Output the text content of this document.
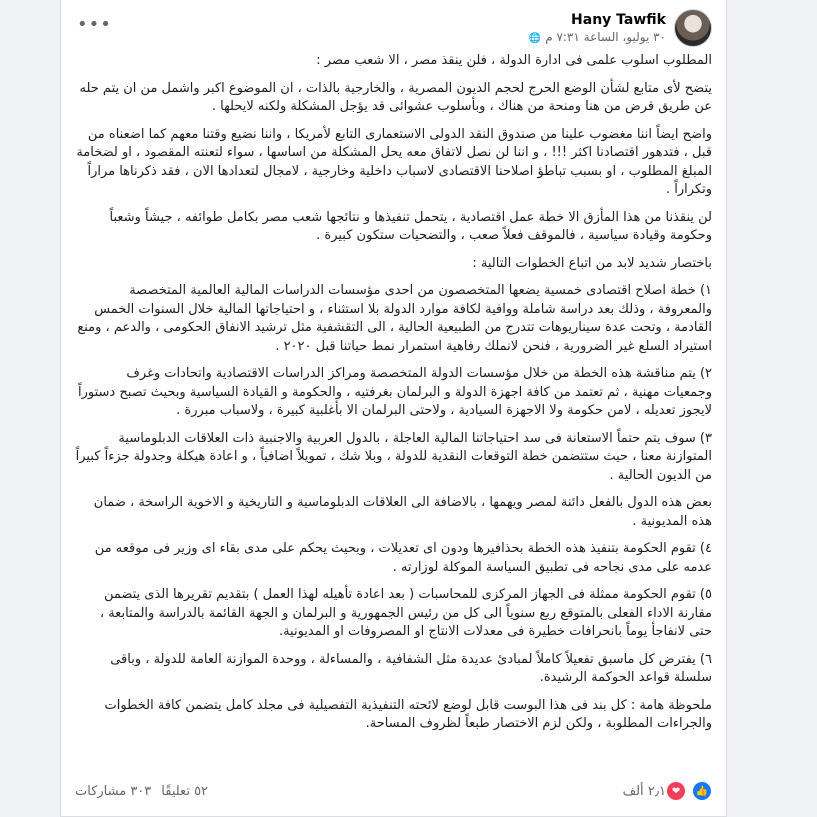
•••	Hany Tawfik
٣٠ يوليو، الساعة ٧:٣١ م 🌐

المطلوب اسلوب علمى فى ادارة الدولة ، فلن ينقذ مصر ، الا شعب مصر :

يتضح لأى متابع لشأن الوضع الحرج لحجم الديون المصرية ، والخارجية بالذات ، ان الموضوع اكبر واشمل من ان يتم حله عن طريق قرض من هنا ومنحة من هناك ، وبأسلوب عشوائى قد يؤجل المشكلة ولكنه لايحلها .

واضح ايضاً اننا مغضوب علينا من صندوق النقد الدولى الاستعمارى التابع لأمريكا ، واننا نضيع وقتنا معهم كما اضعناه من قبل ، فتدهور اقتصادنا اكثر !!! ، و اننا لن نصل لاتفاق معه يحل المشكلة من اساسها ، سواء لتعنته المقصود ، او لضخامة المبلغ المطلوب ، او بسبب تباطؤ اصلاحنا الاقتصادى لاسباب داخلية وخارجية ، لامجال لتعدادها الان ، فقد ذكرناها مراراً وتكراراً .

لن ينقذنا من هذا المأزق الا خطة عمل اقتصادية ، يتحمل تنفيذها و نتائجها شعب مصر بكامل طوائفه ، جيشاً وشعباً وحكومة وقيادة سياسية ، فالموقف فعلاً صعب ، والتضحيات ستكون كبيرة .

باختصار شديد لابد من اتباع الخطوات التالية :

١) خطة اصلاح اقتصادى خمسية يضعها المتخصصون من احدى مؤسسات الدراسات المالية العالمية المتخصصة والمعروفة ، وذلك بعد دراسة شاملة ووافية لكافة موارد الدولة بلا استثناء ، و احتياجاتها المالية خلال السنوات الخمس القادمة ، وتحت عدة سيناريوهات تتدرج من الطبيعية الحالية ، الى التقشفية مثل ترشيد الانفاق الحكومى ، والدعم ، ومنع استيراد السلع غير الضرورية ، فنحن لانملك رفاهية استمرار نمط حياتنا قبل ٢٠٢٠ .

٢) يتم مناقشة هذه الخطة من خلال مؤسسات الدولة المتخصصة ومراكز الدراسات الاقتصادية واتحادات وغرف وجمعيات مهنية ، ثم تعتمد من كافة اجهزة الدولة و البرلمان بغرفتيه ، والحكومة و القيادة السياسية وبحيث تصبح دستوراً لايجوز تعديله ، لامن حكومة ولا الاجهزة السيادية ، ولاحتى البرلمان الا بأغلبية كبيرة ، ولاسباب مبررة .

٣) سوف يتم حتماً الاستعانة فى سد احتياجاتنا المالية العاجلة ، بالدول العربية والاجنبية ذات العلاقات الدبلوماسية المتوازنة معنا ، حيث ستتضمن خطة التوقعات النقدية للدولة ، وبلا شك ، تمويلاً اضافياً ، و اعادة هيكلة وجدولة جزءاً كبيراً من الديون الحالية .

بعض هذه الدول بالفعل دائنة لمصر ويهمها ، بالاضافة الى العلاقات الدبلوماسية و التاريخية و الاخوية الراسخة ، ضمان هذه المديونية .

٤) تقوم الحكومة بتنفيذ هذه الخطة بحذافيرها ودون اى تعديلات ، وبحيث يحكم على مدى بقاء اى وزير فى موقعه من عدمه على مدى نجاحه فى تطبيق السياسة الموكلة لوزارته .

٥) تقوم الحكومة ممثلة فى الجهاز المركزى للمحاسبات ( بعد اعادة تأهيله لهذا العمل ) بتقديم تقريرها الذى يتضمن مقارنة الاداء الفعلى بالمتوقع ربع سنوياً الى كل من رئيس الجمهورية و البرلمان و الجهة القائمة بالدراسة والمتابعة ، حتى لانفاجأ يوماً بانحرافات خطيرة فى معدلات الانتاج او المصروفات او المديونية.

٦) يفترض كل ماسبق تفعيلاً كاملاً لمبادئ عديدة مثل الشفافية ، والمساءلة ، ووحدة الموازنة العامة للدولة ، وباقى سلسلة قواعد الحوكمة الرشيدة.

ملحوظة هامة : كل بند فى هذا البوست قابل لوضع لائحته التنفيذية التفصيلية فى مجلد كامل يتضمن كافة الخطوات والجراءات المطلوبة ، ولكن لزم الاختصار طبعاً لظروف المساحة.

👍
❤
٢٫١ ألف
٥٢ تعليقًا
٣٠٣ مشاركات
